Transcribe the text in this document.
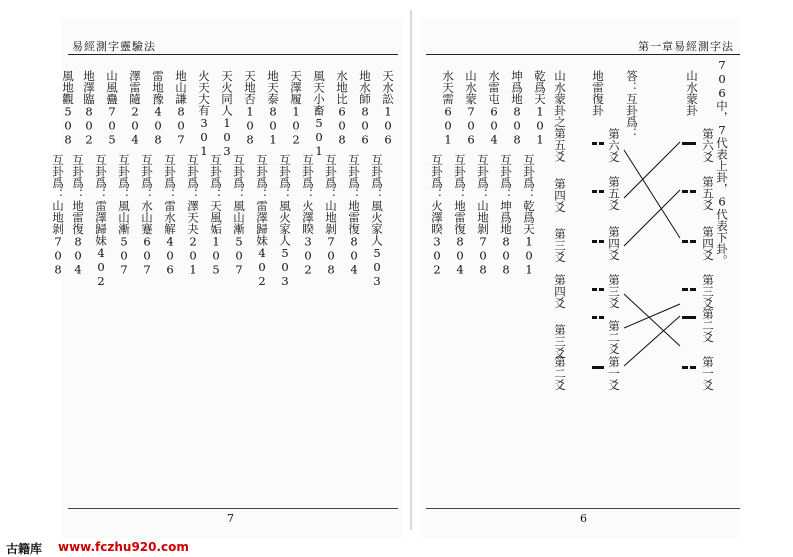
易經測字靈驗法
天水訟106
互卦爲：風火家人503
地水師806
互卦爲：地雷復804
水地比608
互卦爲：山地剝708
風天小畜501
互卦爲：火澤睽302
天澤履102
互卦爲：風火家人503
地天泰801
互卦爲：雷澤歸妹402
天地否108
互卦爲：風山漸507
天火同人103
互卦爲：天風姤105
火天大有301
互卦爲：澤天夬201
地山謙807
互卦爲：雷水解406
雷地豫408
互卦爲：水山蹇607
澤雷隨204
互卦爲：風山漸507
山風蠱705
互卦爲：雷澤歸妹402
地澤臨802
互卦爲：地雷復804
風地觀508
互卦爲：山地剝708
7
第一章易經測字法
706中，7代表上卦，6代表下卦。
山水蒙卦
第六爻
第五爻
第四爻
第三爻
第二爻
第一爻
答：互卦爲：
第六爻
第五爻
第四爻
第三爻
第二爻
第一爻
地雷復卦
山水蒙卦之第五爻
第四爻
第三爻
第四爻
第三爻
第二爻
乾爲天101
互卦爲：乾爲天101
坤爲地808
互卦爲：坤爲地808
水雷屯604
互卦爲：山地剝708
山水蒙706
互卦爲：地雷復804
水天需601
互卦爲：火澤睽302
6
古籍库 www.fczhu920.com
